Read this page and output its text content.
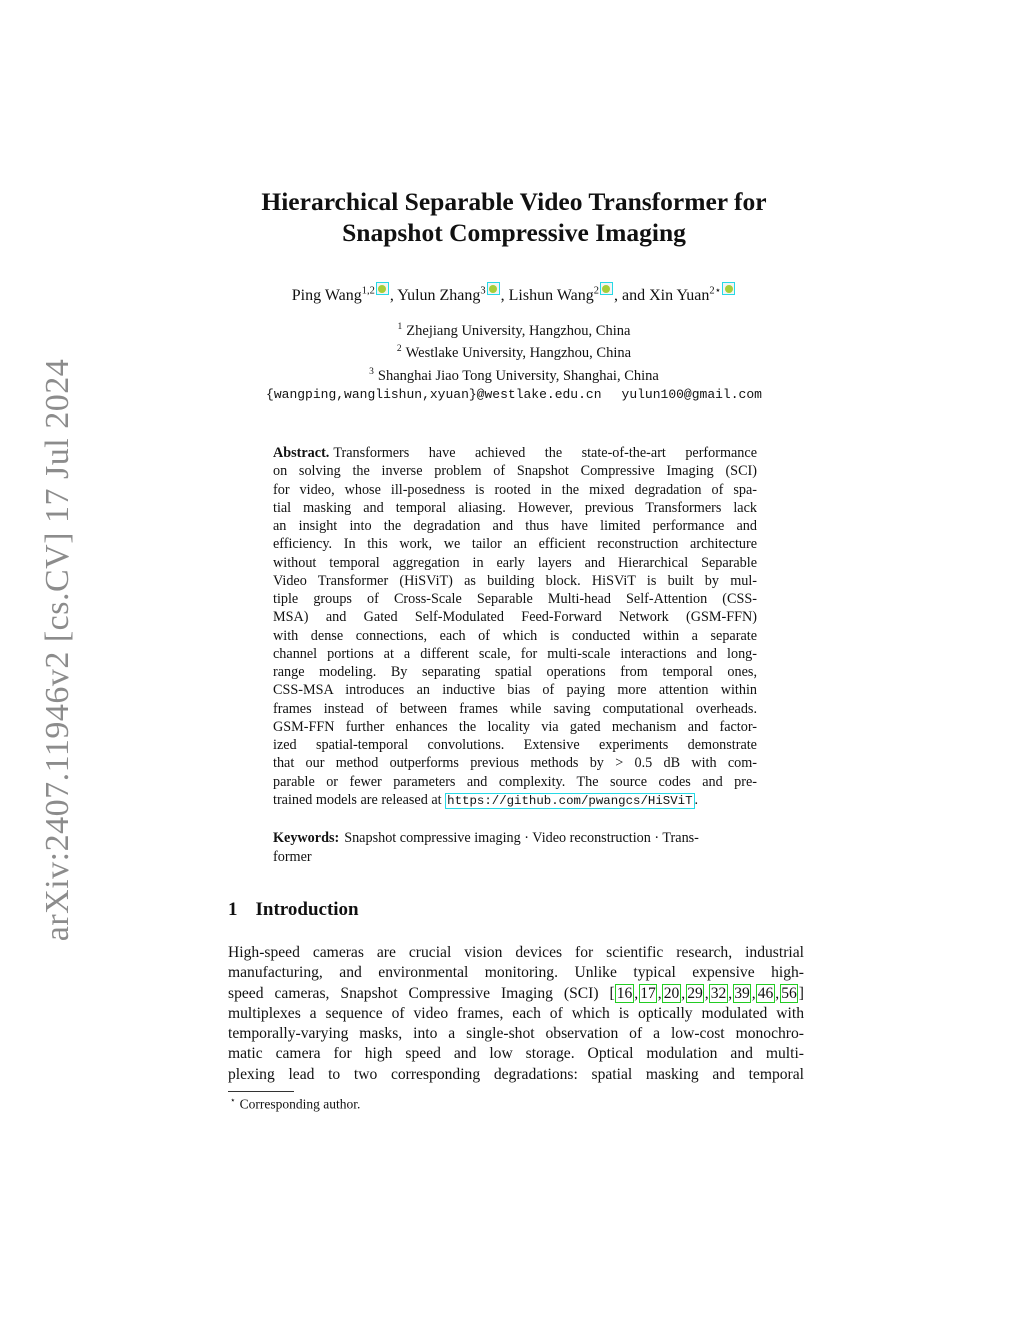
arXiv:2407.11946v2 [cs.CV] 17 Jul 2024
Hierarchical Separable Video Transformer for
Snapshot Compressive Imaging
Ping Wang$^{1,2}$ , Yulun Zhang$^3$ , Lishun Wang$^2$ , and Xin Yuan$^{2⋆}$
$^1$ Zhejiang University, Hangzhou, China
$^2$ Westlake University, Hangzhou, China
$^3$ Shanghai Jiao Tong University, Shanghai, China
{wangping,wanglishun,xyuan}@westlake.edu.cn yulun100@gmail.com
Abstract. Transformers have achieved the state-of-the-art performance
on solving the inverse problem of Snapshot Compressive Imaging (SCI)
for video, whose ill-posedness is rooted in the mixed degradation of spa-
tial masking and temporal aliasing. However, previous Transformers lack
an insight into the degradation and thus have limited performance and
efficiency. In this work, we tailor an efficient reconstruction architecture
without temporal aggregation in early layers and Hierarchical Separable
Video Transformer (HiSViT) as building block. HiSViT is built by mul-
tiple groups of Cross-Scale Separable Multi-head Self-Attention (CSS-
MSA) and Gated Self-Modulated Feed-Forward Network (GSM-FFN)
with dense connections, each of which is conducted within a separate
channel portions at a different scale, for multi-scale interactions and long-
range modeling. By separating spatial operations from temporal ones,
CSS-MSA introduces an inductive bias of paying more attention within
frames instead of between frames while saving computational overheads.
GSM-FFN further enhances the locality via gated mechanism and factor-
ized spatial-temporal convolutions. Extensive experiments demonstrate
that our method outperforms previous methods by > 0.5 dB with com-
parable or fewer parameters and complexity. The source codes and pre-
trained models are released at https://github.com/pwangcs/HiSViT .
Keywords: Snapshot compressive imaging · Video reconstruction · Trans-
former
1 Introduction
High-speed cameras are crucial vision devices for scientific research, industrial
manufacturing, and environmental monitoring. Unlike typical expensive high-
speed cameras, Snapshot Compressive Imaging (SCI) [ 16 , 17 , 20 , 29 , 32 , 39 , 46 , 56 ]
multiplexes a sequence of video frames, each of which is optically modulated with
temporally-varying masks, into a single-shot observation of a low-cost monochro-
matic camera for high speed and low storage. Optical modulation and multi-
plexing lead to two corresponding degradations: spatial masking and temporal
⋆ Corresponding author.
